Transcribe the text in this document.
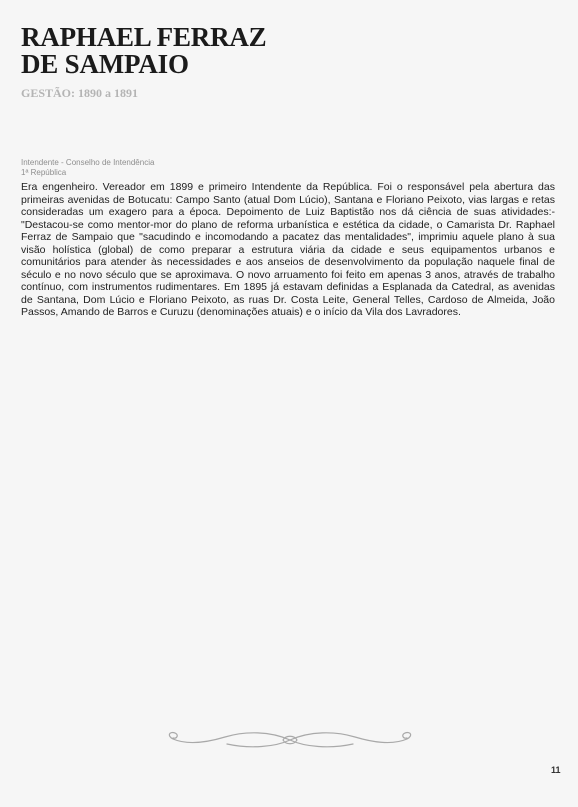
RAPHAEL FERRAZ
DE SAMPAIO
GESTÃO: 1890 a 1891
Intendente - Conselho de Intendência
1ª República

Era engenheiro. Vereador em 1899 e primeiro Intendente da República. Foi o responsável pela abertura das primeiras avenidas de Botucatu: Campo Santo (atual Dom Lúcio), Santana e Floriano Peixoto, vias largas e retas consideradas um exagero para a época. Depoimento de Luiz Baptistão nos dá ciência de suas atividades:- "Destacou-se como mentor-mor do plano de reforma urbanística e estética da cidade, o Camarista Dr. Raphael Ferraz de Sampaio que "sacudindo e incomodando a pacatez das mentalidades", imprimiu aquele plano à sua visão holística (global) de como preparar a estrutura viária da cidade e seus equipamentos urbanos e comunitários para atender às necessidades e aos anseios de desenvolvimento da população naquele final de século e no novo século que se aproximava. O novo arruamento foi feito em apenas 3 anos, através de trabalho contínuo, com instrumentos rudimentares. Em 1895 já estavam definidas a Esplanada da Catedral, as avenidas de Santana, Dom Lúcio e Floriano Peixoto, as ruas Dr. Costa Leite, General Telles, Cardoso de Almeida, João Passos, Amando de Barros e Curuzu (denominações atuais) e o início da Vila dos Lavradores.

11
